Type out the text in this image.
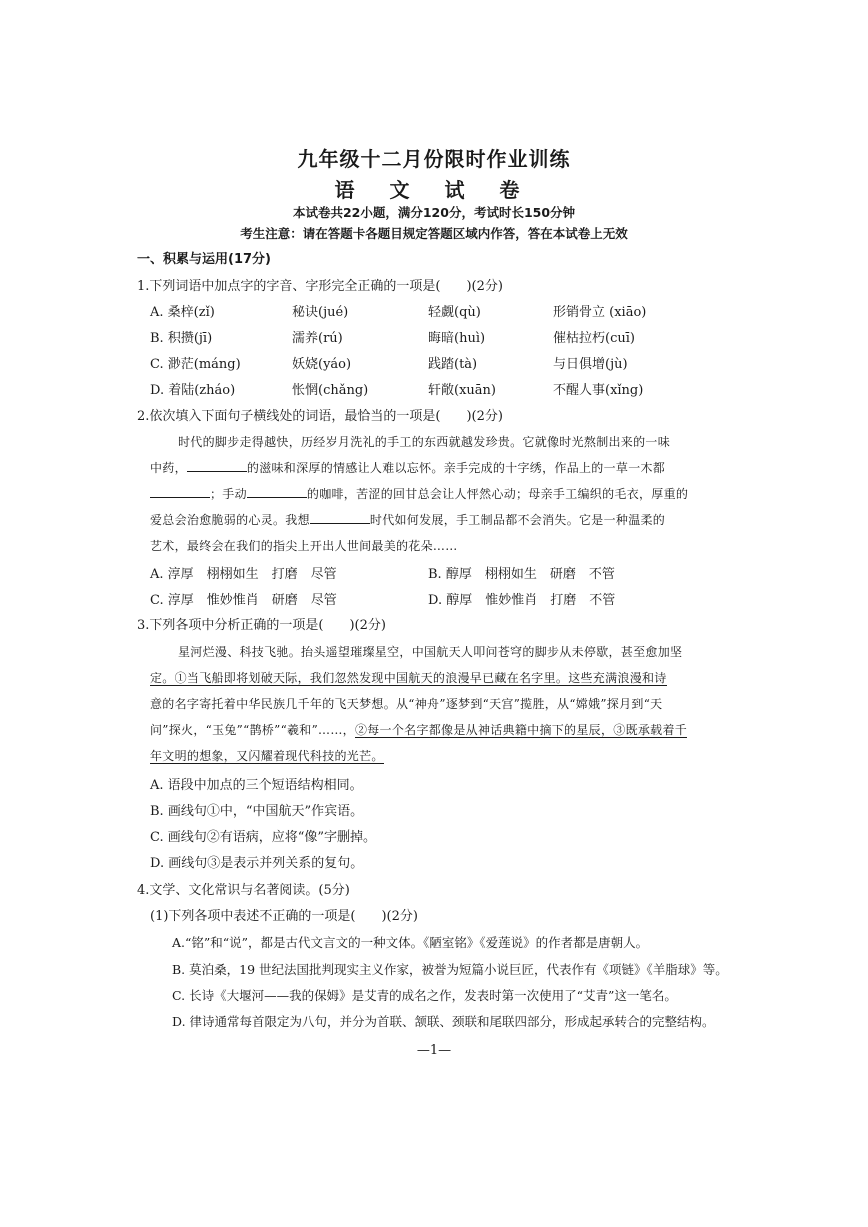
九年级十二月份限时作业训练
语 文 试 卷
本试卷共22小题，满分120分，考试时长150分钟
考生注意：请在答题卡各题目规定答题区域内作答，答在本试卷上无效
一、积累与运用(17分)
1.下列词语中加点字的字音、字形完全正确的一项是(　　)(2分)
A. 桑梓(zǐ)	秘诀(jué)	轻觑(qù)	形销骨立 (xiāo)
B. 积攒(jī)	濡养(rú)	晦暗(huì)	催枯拉朽(cuī)
C. 渺茫(máng)	妖娆(yáo)	践踏(tà)	与日俱增(jù)
D. 着陆(zháo)	怅惘(chǎng)	轩敞(xuān)	不醒人事(xǐng)
2.依次填入下面句子横线处的词语，最恰当的一项是(　　)(2分)
时代的脚步走得越快，历经岁月洗礼的手工的东西就越发珍贵。它就像时光熬制出来的一味
中药，	的滋味和深厚的情感让人难以忘怀。亲手完成的十字绣，作品上的一草一木都
；手动	的咖啡，苦涩的回甘总会让人怦然心动；母亲手工编织的毛衣，厚重的
爱总会治愈脆弱的心灵。我想	时代如何发展，手工制品都不会消失。它是一种温柔的
艺术，最终会在我们的指尖上开出人世间最美的花朵……
A. 淳厚　栩栩如生　打磨　尽管	B. 醇厚　栩栩如生　研磨　不管
C. 淳厚　惟妙惟肖　研磨　尽管	D. 醇厚　惟妙惟肖　打磨　不管
3.下列各项中分析正确的一项是(　　)(2分)
星河烂漫、科技飞驰。抬头遥望璀璨星空，中国航天人叩问苍穹的脚步从未停歇，甚至愈加坚
定。①当飞船即将划破天际，我们忽然发现中国航天的浪漫早已藏在名字里。这些充满浪漫和诗
意的名字寄托着中华民族几千年的飞天梦想。从“神舟”逐梦到“天宫”揽胜，从“嫦娥”探月到“天
问”探火，“玉兔”“鹊桥”“羲和”……，②每一个名字都像是从神话典籍中摘下的星辰，③既承载着千
年文明的想象，又闪耀着现代科技的光芒。
A. 语段中加点的三个短语结构相同。
B. 画线句①中，“中国航天”作宾语。
C. 画线句②有语病，应将“像”字删掉。
D. 画线句③是表示并列关系的复句。
4.文学、文化常识与名著阅读。(5分)
(1)下列各项中表述不正确的一项是(　　)(2分)
A.“铭”和“说”，都是古代文言文的一种文体。《陋室铭》《爱莲说》的作者都是唐朝人。
B. 莫泊桑，19 世纪法国批判现实主义作家，被誉为短篇小说巨匠，代表作有《项链》《羊脂球》等。
C. 长诗《大堰河——我的保姆》是艾青的成名之作，发表时第一次使用了“艾青”这一笔名。
D. 律诗通常每首限定为八句，并分为首联、颔联、颈联和尾联四部分，形成起承转合的完整结构。
—1—
